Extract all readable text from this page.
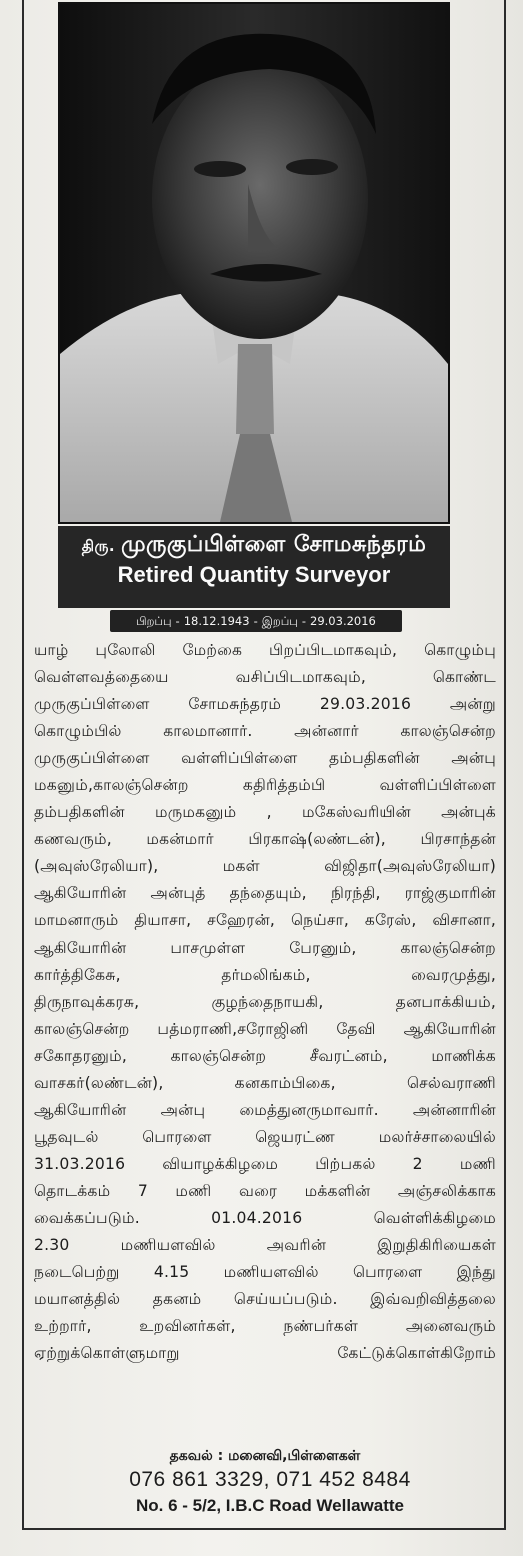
திரு. முருகுப்பிள்ளை சோமசுந்தரம்
Retired Quantity Surveyor
பிறப்பு - 18.12.1943 - இறப்பு - 29.03.2016
யாழ் புலோலி மேற்கை பிறப்பிடமாகவும், கொழும்பு
வெள்ளவத்தையை வசிப்பிடமாகவும், கொண்ட
முருகுப்பிள்ளை சோமசுந்தரம் 29.03.2016 அன்று
கொழும்பில் காலமானார். அன்னார் காலஞ்சென்ற
முருகுப்பிள்ளை வள்ளிப்பிள்ளை தம்பதிகளின் அன்பு
மகனும்,காலஞ்சென்ற கதிரித்தம்பி வள்ளிப்பிள்ளை
தம்பதிகளின் மருமகனும் , மகேஸ்வரியின் அன்புக்
கணவரும், மகன்மார் பிரகாஷ்(லண்டன்), பிரசாந்தன்
(அவுஸ்ரேலியா), மகள் விஜிதா(அவுஸ்ரேலியா)
ஆகியோரின் அன்புத் தந்தையும், நிரந்தி, ராஜ்குமாரின்
மாமனாரும் தியாசா, சஹேரன், நெய்சா, கரேஸ், விசானா,
ஆகியோரின் பாசமுள்ள பேரனும், காலஞ்சென்ற
கார்த்திகேசு, தர்மலிங்கம், வைரமுத்து,
திருநாவுக்கரசு, குழந்தைநாயகி, தனபாக்கியம்,
காலஞ்சென்ற பத்மராணி,சரோஜினி தேவி ஆகியோரின்
சகோதரனும், காலஞ்சென்ற சீவரட்னம், மாணிக்க
வாசகர்(லண்டன்), கனகாம்பிகை, செல்வராணி
ஆகியோரின் அன்பு மைத்துனருமாவார். அன்னாரின்
பூதவுடல் பொரளை ஜெயரட்ண மலர்ச்சாலையில்
31.03.2016 வியாழக்கிழமை பிற்பகல் 2 மணி
தொடக்கம் 7 மணி வரை மக்களின் அஞ்சலிக்காக
வைக்கப்படும். 01.04.2016 வெள்ளிக்கிழமை
2.30 மணியளவில் அவரின் இறுதிகிரியைகள்
நடைபெற்று 4.15 மணியளவில் பொரளை இந்து
மயானத்தில் தகனம் செய்யப்படும். இவ்வறிவித்தலை
உற்றார், உறவினர்கள், நண்பர்கள் அனைவரும்
ஏற்றுக்கொள்ளுமாறு கேட்டுக்கொள்கிறோம்
தகவல் : மனைவி,பிள்ளைகள்
076 861 3329, 071 452 8484
No. 6 - 5/2, I.B.C Road Wellawatte
